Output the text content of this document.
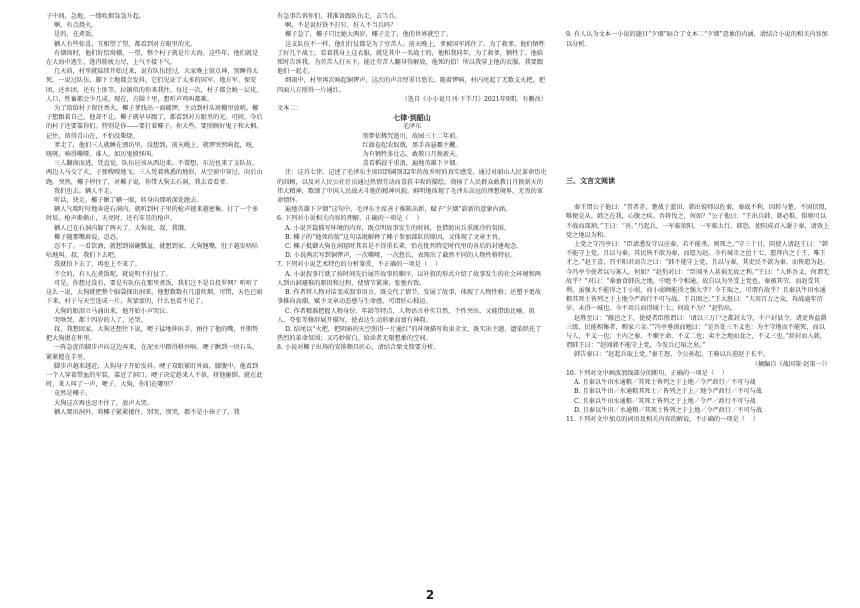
子中间。急地，一缕吹烟袅袅升起。

啊，有点烧火。

是的，在煮饭。

辆人有些惊喜，互相望了望，都看到对方眼里的光。

有烟囱时，他们好恰窝棚，一望，整个村子就是片大海。这些年，他们就是在大海中逃生，逃得筋疲力尽，上气不接下气。

几天前，村里就陆续开始过来，说有队伍经过，大家晚上留点神，别睡得太死。一说过队伍，脚下土地都会发抖，它们见证了太多的国军、地方军、保安团、还乡团，还有土匪等，拉锯似的你来我往。每过一次，村子都会蜕一层皮。人口，牲畜都会少几成。现在，方圆十里，想听声鸡叫都难。

为了给给村子留住香火，椰子爹找出一面破锣，主动到村头窝棚里放哨。椰子想跟着自己，他却不让。椰子就早早跟了，都看到对方眼里的光。可问，今后的村子还要靠你们。特别是你——要打着椰子，你大些，要照顾好鬼子和大枫。记住，留得青山在，不怕没柴烧。

爹走了，他们三人就睡在漂坊里。没想到，前天晚上，就锣突然响起，咣，咣咣，响得嘶哑。谁人，如厉鬼般怪叫。

三人翻窗而逃，凭直觉，队伍应该从西边来。不曾想，东边也来了支队伍，两边人马交了火，子弹嗖嗖地飞。三人凭着熟悉的地形，从空窗中穿过，向后山跑。突然，椰子停住了，对椰子说，你带大狗去石洞，我去看看爹。

我们也去。辆人不走。

听话，快走。椰子瞅了辆一眼，转身向那哨深处跑去。

辆人气喘吁吁地奔进石洞内，就听到村子里的枪声越来越密集。打了一个多时辰，枪声渐渐止，天亮时，还有零星的枪声。

辆人已在石洞内躲了两天了，大狗说，叔，我饿。

椰子随那嘴唇说，忍忍。

忍不了。一看饮酒，就想到锅碗瓢盆，就想到家。大狗翘嘴，肚子越发唔咕咕地叫。叔，我们下去吧。

我就怕下去了，再也上不来了。

不会的，有人在煮饭呢。就说明不打仗了。

可是，你想过没有，要是有队伍在那里煮饭，我们岂不是自投罗网？听听了这么一说，大狗就把整个脑袋探出洞来，他想数数有几道炊烟，可惜，天色已暗下来，村子与天空连成一片，灰蒙蒙的，什么也看不见了。

大狗的眼泪立马涌出来，他开始小声哭泣。

哭啥哭，都十四岁的人了，还哭。

叔，我想回家。大狗还想往下说，哽子猛地伸出手，捂住了他的嘴，并期势把大狗摁在怀里。

一阵急促的脚步声向这边奔来，在泥水中踏得格外响。哽子瞅到一块石头，紧紧握在手里。

脚步声越来越近，大狗身子开始发抖。哽子双眼紧盯外面，膝腹中，他看到一个人穿着带血的军装，靠近了洞口。哽子决定趁来人不备，将他砸倒。就在此时，来人叫了一声，哽子，大狗，你们在哪里？

竟然是椰子。

大狗这次再也忍不住了，放声大哭。

辆人爬出洞外，将椰子紧紧搂住。别哭，别哭，都不是小孩子了，我

有急事告诉你们。我准备跟队伍走，去当兵。

啊，不是说好铁不打钉，好人不当兵吗？

椰子急了，椰子只比她大两岁，椰子走了，他的世界就空了。

这支队伍不一样，他们打仗都是为了穷苦人。前天晚上，爹被国军抓住了。为了救爹，他们牺牲了好几个战士。看着我身上这衣服，就是其中一名战士的，他和我同年，为了救爹，牺牲了。他临死时告诉我，为劳苦人打天下，能让劳苦人翻身得解放，他死的值！所以我穿上他的衣服，我要跟他们一起走。

细雨中，村里再次响起铜锣声，这次的声音厚重且悠长。随着锣响，村内亮起了无数支火把，把四面八方照得一片通红。

（选自《小小说月刊·下半月》2021年9期，有删改）

文本二：

七律·到韶山

毛泽东

别梦依稀咒逝川，故园三十二年前。

红旗卷起农奴戟，黑手高悬霸主鞭。

为有牺牲多壮志，敢教日月换新天。

喜看稻菽千重浪，遍地英雄下夕烟。

注：这首七律，记述了毛泽东主席回到阔别32年的故乡时的真实感受。通过对韶山人民革命历史的回顾，以及对人民公社社员通过热情劳动而喜获丰收的描绘，勃扬了人民群众敢教日月换新天的伟大精神，歌颂了中国人民战天斗地的精神风貌。鲜明地体现了毛泽东高远的理想境界，无畏的革命情怀。

遍地英雄下夕烟”这句中，毛泽东主席善于推陈出新，赋予“夕烟”崭新的意象内涵。

6. 下列对小说相关内容的理解，正确的一项是（    ）

A. 小说开篇描写环境的内容，既点明故事发生的时间，也借助出兵重渡冷的氛围。

B. 椰子的“他死的值”这句话既解释了椰子参加部队的原因，又体现了文章主旨。

C. 椰子抵御大狗在洞窟时其名是不得重长辈，恰在批判特定时代里的善后的封建观念。

D. 小说两次写到铜锣声，一次嘶哑，一次悠长，表现出了截然不同的人物性格特征。

7. 下列对小说艺术特色的分析鉴赏，不正确的一项是（    ）

A. 小说叙事行就了按时间先后展开故事的顺序，以补叙的形式介绍了故事发生的社会环境和两人到山洞避难的原因和过程，使情节紧凑，张弛有致。

B. 作者将人物对话变成叙事语言，既交代了情节，发展了故事，体现了人物性格；还塑予更故事推向高潮，赋予文章动态感与生命感，可谓匠心独运。

C. 作者精准把握人物身份、年龄等特点，人物语言朴实自然，个性突出，又能借助比喻、拟人、夸张等修辞展开描写，使表达生动形象而富有神韵。

D. 结尾以“火把，把阴暗的天空照得一片通红”的环境描写收束全文，既实出主题，遗染烘托了热烈的革命氛围；又巧妙留白，给读者无限想象的空间。

8. 小说对椰子出场的安排颇具匠心，请结合原文简要分析。

9. 有人认为文本一小说的题目“夕烟”暗合了文本二“夕烟”意象的内涵，请结合小说的相关内容加以分析。

三、文言文阅读

秦王谓公子他曰：“昔者赤、楚战于蓝田，韩出锐师以佐秦，秦战不利，因转与楚。不固信盟，唯便是从。韩之在我，心腹之疾。吾将伐之，何如？”公子他曰：“王出兵韩，韩必惧，惧则可以不战而深割。”王曰：“善。”乃起兵，一军临荥阳，一军临太行。韩恐，使阳成君入谢于秦，请效上党之地以为和。

上党之守冯亭曰：“臣请悉发守以应秦，若不能杀，则死之。”守三十日，阴使人请赵王曰：“韩不能守上党，且以与秦，其民皆不欲为秦，而愿为赵。今有城市之邑十七，愿拜内之于王，唯王才之。”赵王喜，召平阳君而告之曰：“韩不能守上党，且以与秦，其吏民不欲为秦，而皆愿为赵。今冯亭令使者以与寡人，何如？”赵豹对曰：“臣闻圣人甚祸无故之利。”王曰：“人怀吾义，何谓无故乎？”对曰：“秦蚕食韩氏之地，中绝不令相通，故自以为坐受上党也。秦被其劳，而赵受其利，虽强大不能得之于小弱，而小弱顾能得之强大乎？今王取之，可谓有故乎？且秦以牛田水通粮其死士皆列之于上地令严政行不可与战。王自图之。”王大怒曰：“夫用百万之众，攻战逾年历岁，未得一城也。今不用兵而得城十七，何故不为？”赵豹出。

赵胜至曰：“敝邑之王，使使者臣胜谓曰：‘请以三万户之都封太守，千户封县令，诸吏皆益爵三级，民能相集者，赐家六金。’”冯亭垂涕而勉曰：“是吾处三不义也：为主守地而不能死，而以与人，不义一也；主内之秦，不顺主命，不义二也；卖主之地而食之，不义三也。”辞封而入韩，谓韩王曰：“赵闻韩不能守上党，今发兵已取之矣。”

韩告秦曰：“赵起兵取上党。”秦王怒，令公孙起、王骑以兵迎赵于长平。

（摘编自《战国策·赵策一》）

10. 下列对文中画波浪线部分的断句，正确的一项是（    ）

A. 且秦以牛田水通粮／其死士皆列之于上地／令严政行／不可与战

B. 且秦以牛田／水通粮其死士／皆列之于上／地令严政行／不可与战

C. 且秦以牛田水通粮／其死士皆列之于上地／令严／政行不可与战

D. 且秦以牛田／水通粮／其死士皆列之于上地／令严政行／不可与战

11. 下列对文中加点的词语及相关内容的解说，不正确的一项是（    ）

2
